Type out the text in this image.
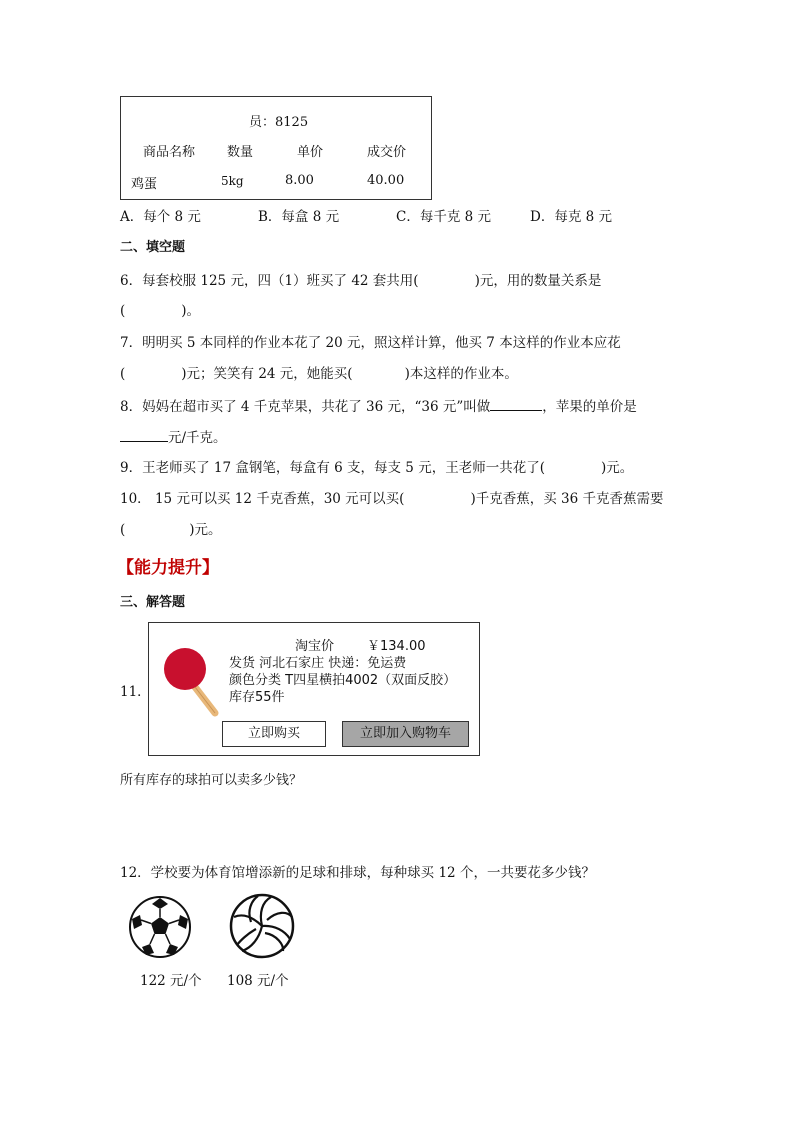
员：8125
商品名称 数量	单价	成交价
鸡蛋	5kg	8.00	40.00
A．每个 8 元	B．每盒 8 元	C．每千克 8 元	D．每克 8 元
二、填空题
6．每套校服 125 元，四（1）班买了 42 套共用(	)元，用的数量关系是
(	)。
7．明明买 5 本同样的作业本花了 20 元，照这样计算，他买 7 本这样的作业本应花
(	)元；笑笑有 24 元，她能买(	)本这样的作业本。
8．妈妈在超市买了 4 千克苹果，共花了 36 元，“36 元”叫做	，苹果的单价是
元/千克。
9．王老师买了 17 盒钢笔，每盒有 6 支，每支 5 元，王老师一共花了(	)元。
10． 15 元可以买 12 千克香蕉，30 元可以买(	)千克香蕉，买 36 千克香蕉需要
(	)元。
【能力提升】
三、解答题
11．
淘宝价	￥134.00
发货 河北石家庄 快递：免运费
颜色分类 T四星横拍4002（双面反胶）
库存55件
立即购买	立即加入购物车
所有库存的球拍可以卖多少钱？
12．学校要为体育馆增添新的足球和排球，每种球买 12 个，一共要花多少钱？
122 元/个 108 元/个
